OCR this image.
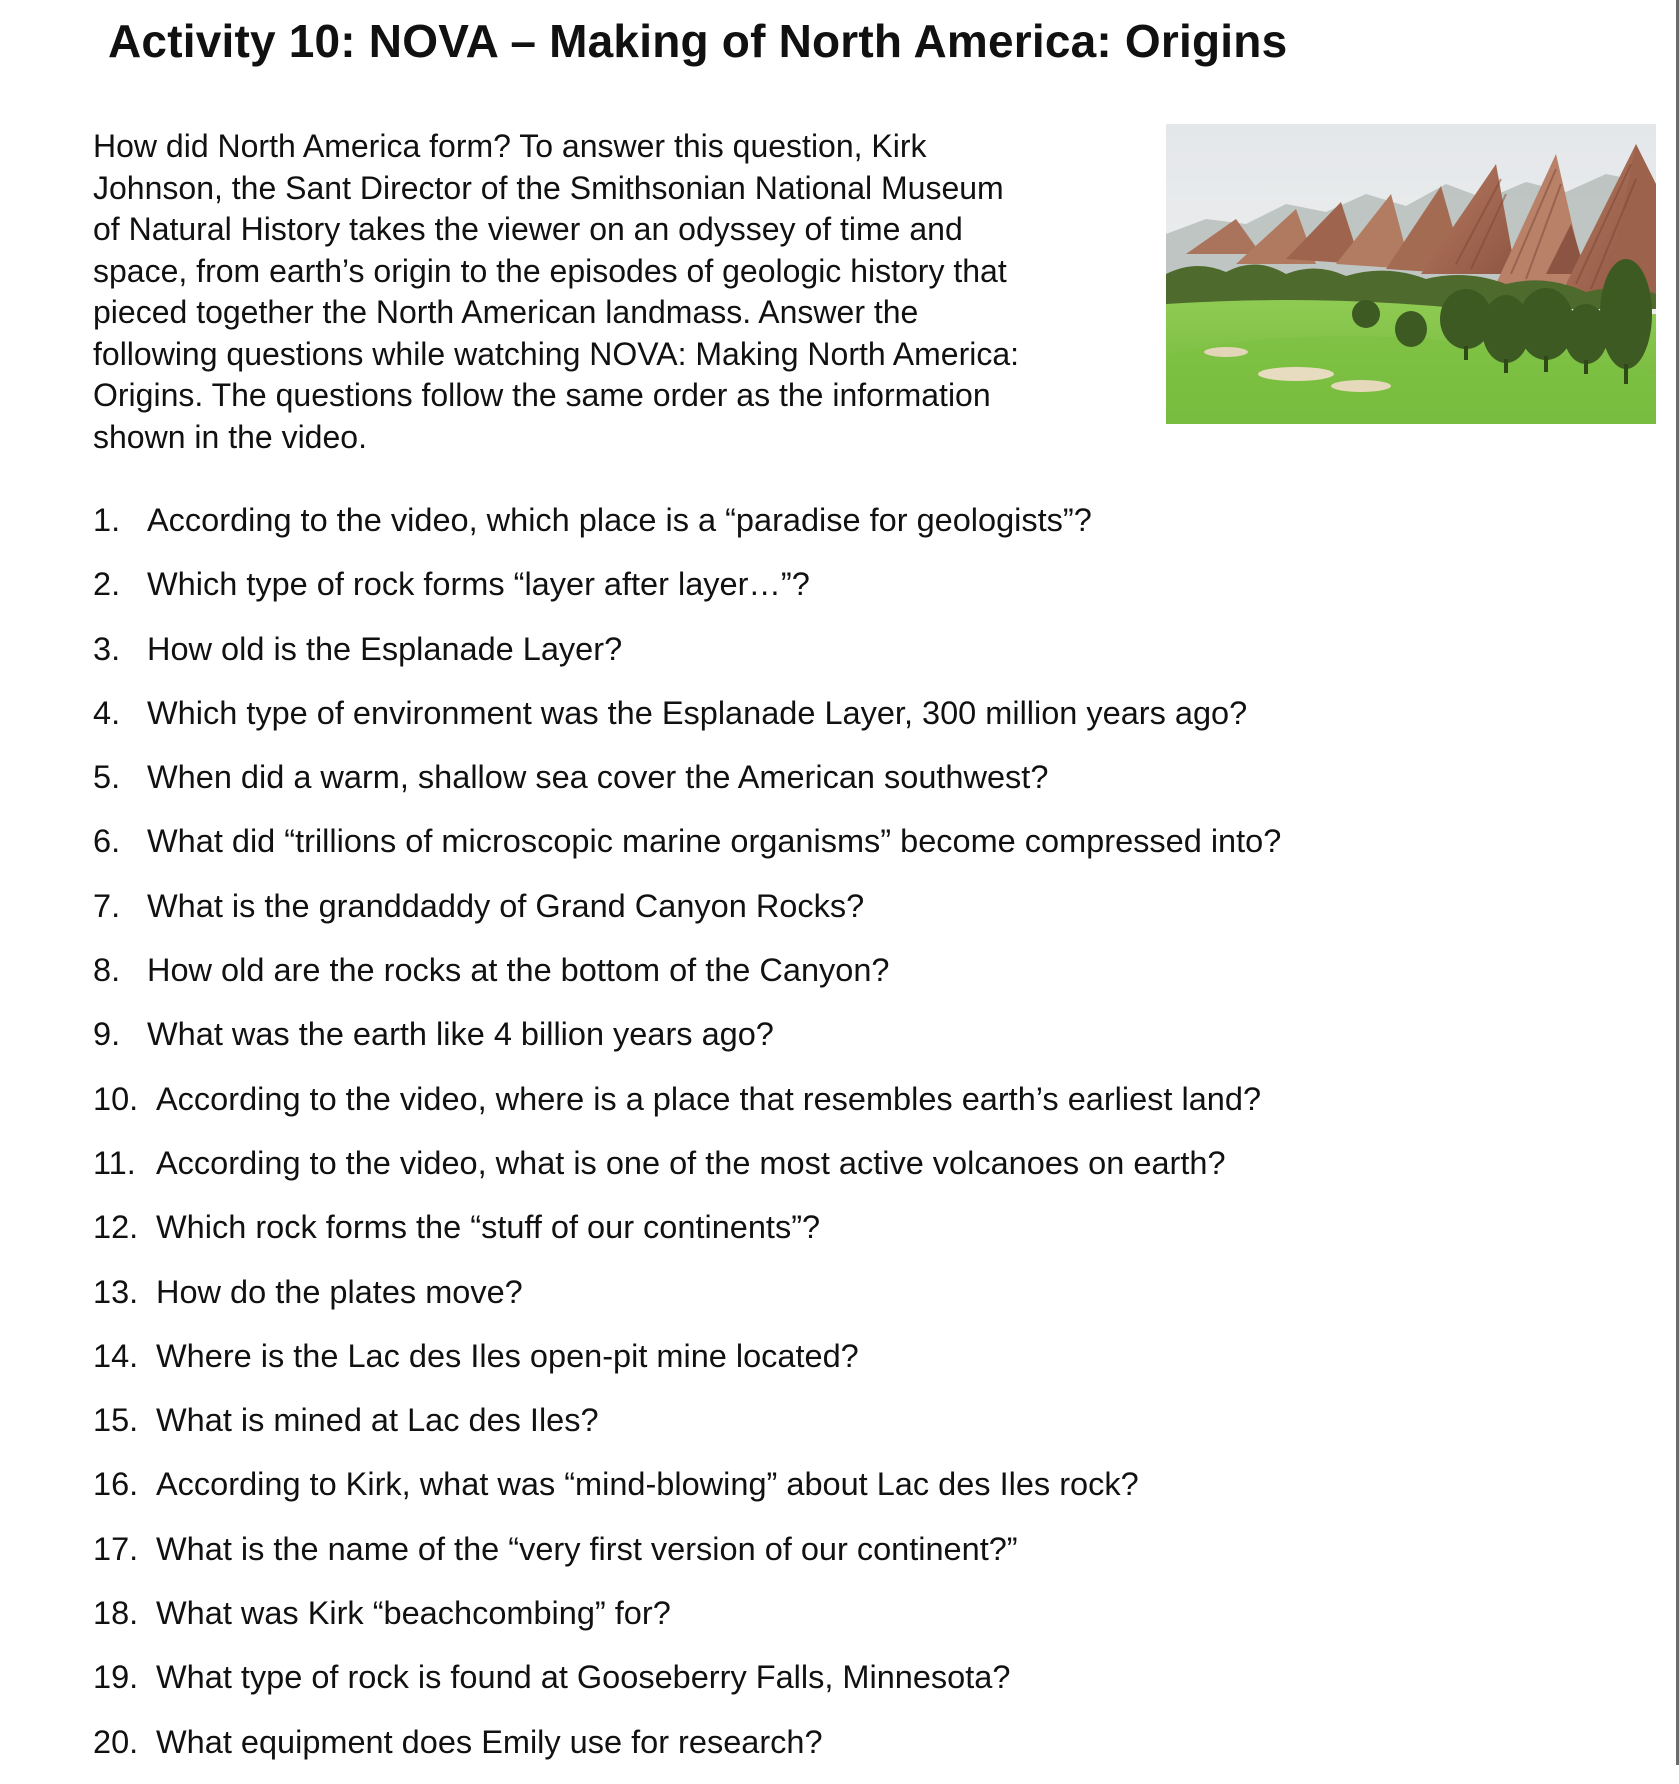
Activity 10: NOVA – Making of North America: Origins

How did North America form? To answer this question, Kirk
Johnson, the Sant Director of the Smithsonian National Museum
of Natural History takes the viewer on an odyssey of time and
space, from earth’s origin to the episodes of geologic history that
pieced together the North American landmass. Answer the
following questions while watching NOVA: Making North America:
Origins. The questions follow the same order as the information
shown in the video.

1. According to the video, which place is a “paradise for geologists”?
2. Which type of rock forms “layer after layer…”?
3. How old is the Esplanade Layer?
4. Which type of environment was the Esplanade Layer, 300 million years ago?
5. When did a warm, shallow sea cover the American southwest?
6. What did “trillions of microscopic marine organisms” become compressed into?
7. What is the granddaddy of Grand Canyon Rocks?
8. How old are the rocks at the bottom of the Canyon?
9. What was the earth like 4 billion years ago?
10. According to the video, where is a place that resembles earth’s earliest land?
11. According to the video, what is one of the most active volcanoes on earth?
12. Which rock forms the “stuff of our continents”?
13. How do the plates move?
14. Where is the Lac des Iles open-pit mine located?
15. What is mined at Lac des Iles?
16. According to Kirk, what was “mind-blowing” about Lac des Iles rock?
17. What is the name of the “very first version of our continent?”
18. What was Kirk “beachcombing” for?
19. What type of rock is found at Gooseberry Falls, Minnesota?
20. What equipment does Emily use for research?
